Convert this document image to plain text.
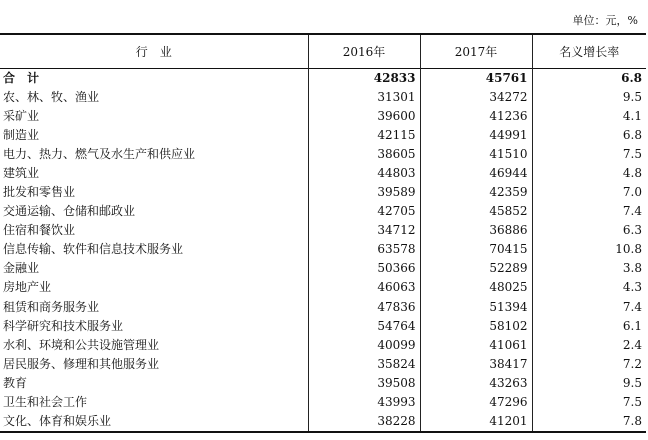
单位：元，%
行　业	2016年	2017年	名义增长率
合　计	42833	45761	6.8
农、林、牧、渔业	31301	34272	9.5
采矿业	39600	41236	4.1
制造业	42115	44991	6.8
电力、热力、燃气及水生产和供应业	38605	41510	7.5
建筑业	44803	46944	4.8
批发和零售业	39589	42359	7.0
交通运输、仓储和邮政业	42705	45852	7.4
住宿和餐饮业	34712	36886	6.3
信息传输、软件和信息技术服务业	63578	70415	10.8
金融业	50366	52289	3.8
房地产业	46063	48025	4.3
租赁和商务服务业	47836	51394	7.4
科学研究和技术服务业	54764	58102	6.1
水利、环境和公共设施管理业	40099	41061	2.4
居民服务、修理和其他服务业	35824	38417	7.2
教育	39508	43263	9.5
卫生和社会工作	43993	47296	7.5
文化、体育和娱乐业	38228	41201	7.8
